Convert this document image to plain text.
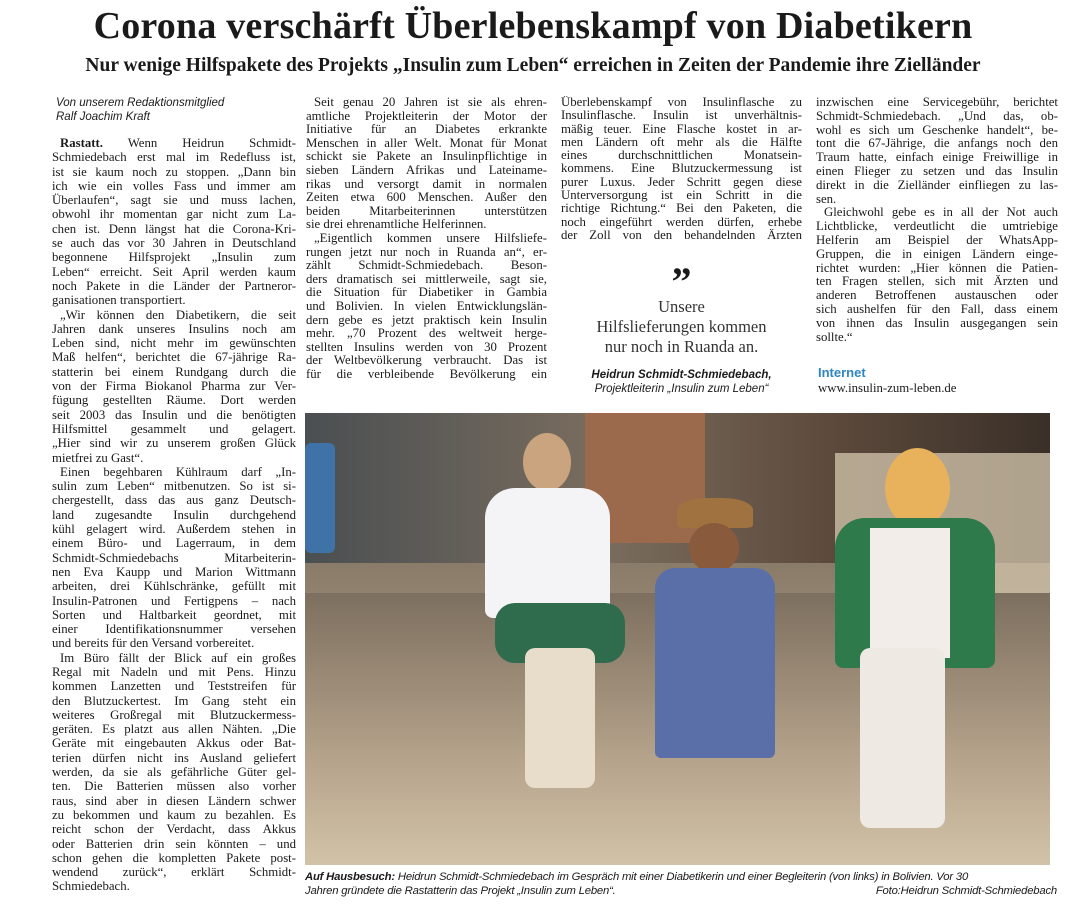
Corona verschärft Überlebenskampf von Diabetikern
Nur wenige Hilfspakete des Projekts „Insulin zum Leben“ erreichen in Zeiten der Pandemie ihre Zielländer
Von unserem Redaktionsmitglied
Ralf Joachim Kraft
Rastatt. Wenn Heidrun Schmidt-
Schmiedebach erst mal im Redefluss ist,
ist sie kaum noch zu stoppen. „Dann bin
ich wie ein volles Fass und immer am
Überlaufen“, sagt sie und muss lachen,
obwohl ihr momentan gar nicht zum La-
chen ist. Denn längst hat die Corona-Kri-
se auch das vor 30 Jahren in Deutschland
begonnene Hilfsprojekt „Insulin zum
Leben“ erreicht. Seit April werden kaum
noch Pakete in die Länder der Partneror-
ganisationen transportiert.
„Wir können den Diabetikern, die seit
Jahren dank unseres Insulins noch am
Leben sind, nicht mehr im gewünschten
Maß helfen“, berichtet die 67-jährige Ra-
statterin bei einem Rundgang durch die
von der Firma Biokanol Pharma zur Ver-
fügung gestellten Räume. Dort werden
seit 2003 das Insulin und die benötigten
Hilfsmittel gesammelt und gelagert.
„Hier sind wir zu unserem großen Glück
mietfrei zu Gast“.
Einen begehbaren Kühlraum darf „In-
sulin zum Leben“ mitbenutzen. So ist si-
chergestellt, dass das aus ganz Deutsch-
land zugesandte Insulin durchgehend
kühl gelagert wird. Außerdem stehen in
einem Büro- und Lagerraum, in dem
Schmidt-Schmiedebachs Mitarbeiterin-
nen Eva Kaupp und Marion Wittmann
arbeiten, drei Kühlschränke, gefüllt mit
Insulin-Patronen und Fertigpens – nach
Sorten und Haltbarkeit geordnet, mit
einer Identifikationsnummer versehen
und bereits für den Versand vorbereitet.
Im Büro fällt der Blick auf ein großes
Regal mit Nadeln und mit Pens. Hinzu
kommen Lanzetten und Teststreifen für
den Blutzuckertest. Im Gang steht ein
weiteres Großregal mit Blutzuckermess-
geräten. Es platzt aus allen Nähten. „Die
Geräte mit eingebauten Akkus oder Bat-
terien dürfen nicht ins Ausland geliefert
werden, da sie als gefährliche Güter gel-
ten. Die Batterien müssen also vorher
raus, sind aber in diesen Ländern schwer
zu bekommen und kaum zu bezahlen. Es
reicht schon der Verdacht, dass Akkus
oder Batterien drin sein könnten – und
schon gehen die kompletten Pakete post-
wendend zurück“, erklärt Schmidt-
Schmiedebach.
Seit genau 20 Jahren ist sie als ehren-
amtliche Projektleiterin der Motor der
Initiative für an Diabetes erkrankte
Menschen in aller Welt. Monat für Monat
schickt sie Pakete an Insulinpflichtige in
sieben Ländern Afrikas und Lateiname-
rikas und versorgt damit in normalen
Zeiten etwa 600 Menschen. Außer den
beiden Mitarbeiterinnen unterstützen
sie drei ehrenamtliche Helferinnen.
„Eigentlich kommen unsere Hilfsliefe-
rungen jetzt nur noch in Ruanda an“, er-
zählt Schmidt-Schmiedebach. Beson-
ders dramatisch sei mittlerweile, sagt sie,
die Situation für Diabetiker in Gambia
und Bolivien. In vielen Entwicklungslän-
dern gebe es jetzt praktisch kein Insulin
mehr. „70 Prozent des weltweit herge-
stellten Insulins werden von 30 Prozent
der Weltbevölkerung verbraucht. Das ist
für die verbleibende Bevölkerung ein
Überlebenskampf von Insulinflasche zu
Insulinflasche. Insulin ist unverhältnis-
mäßig teuer. Eine Flasche kostet in ar-
men Ländern oft mehr als die Hälfte
eines durchschnittlichen Monatsein-
kommens. Eine Blutzuckermessung ist
purer Luxus. Jeder Schritt gegen diese
Unterversorgung ist ein Schritt in die
richtige Richtung.“ Bei den Paketen, die
noch eingeführt werden dürfen, erhebe
der Zoll von den behandelnden Ärzten
inzwischen eine Servicegebühr, berichtet
Schmidt-Schmiedebach. „Und das, ob-
wohl es sich um Geschenke handelt“, be-
tont die 67-Jährige, die anfangs noch den
Traum hatte, einfach einige Freiwillige in
einen Flieger zu setzen und das Insulin
direkt in die Zielländer einfliegen zu las-
sen.
Gleichwohl gebe es in all der Not auch
Lichtblicke, verdeutlicht die umtriebige
Helferin am Beispiel der WhatsApp-
Gruppen, die in einigen Ländern einge-
richtet wurden: „Hier können die Patien-
ten Fragen stellen, sich mit Ärzten und
anderen Betroffenen austauschen oder
sich aushelfen für den Fall, dass einem
von ihnen das Insulin ausgegangen sein
sollte.“
”
Unsere
Hilfslieferungen kommen
nur noch in Ruanda an.
Heidrun Schmidt-Schmiedebach,
Projektleiterin „Insulin zum Leben“
Internet
www.insulin-zum-leben.de
Auf Hausbesuch: Heidrun Schmidt-Schmiedebach im Gespräch mit einer Diabetikerin und einer Begleiterin (von links) in Bolivien. Vor 30
Jahren gründete die Rastatterin das Projekt „Insulin zum Leben“.	Foto:Heidrun Schmidt-Schmiedebach
